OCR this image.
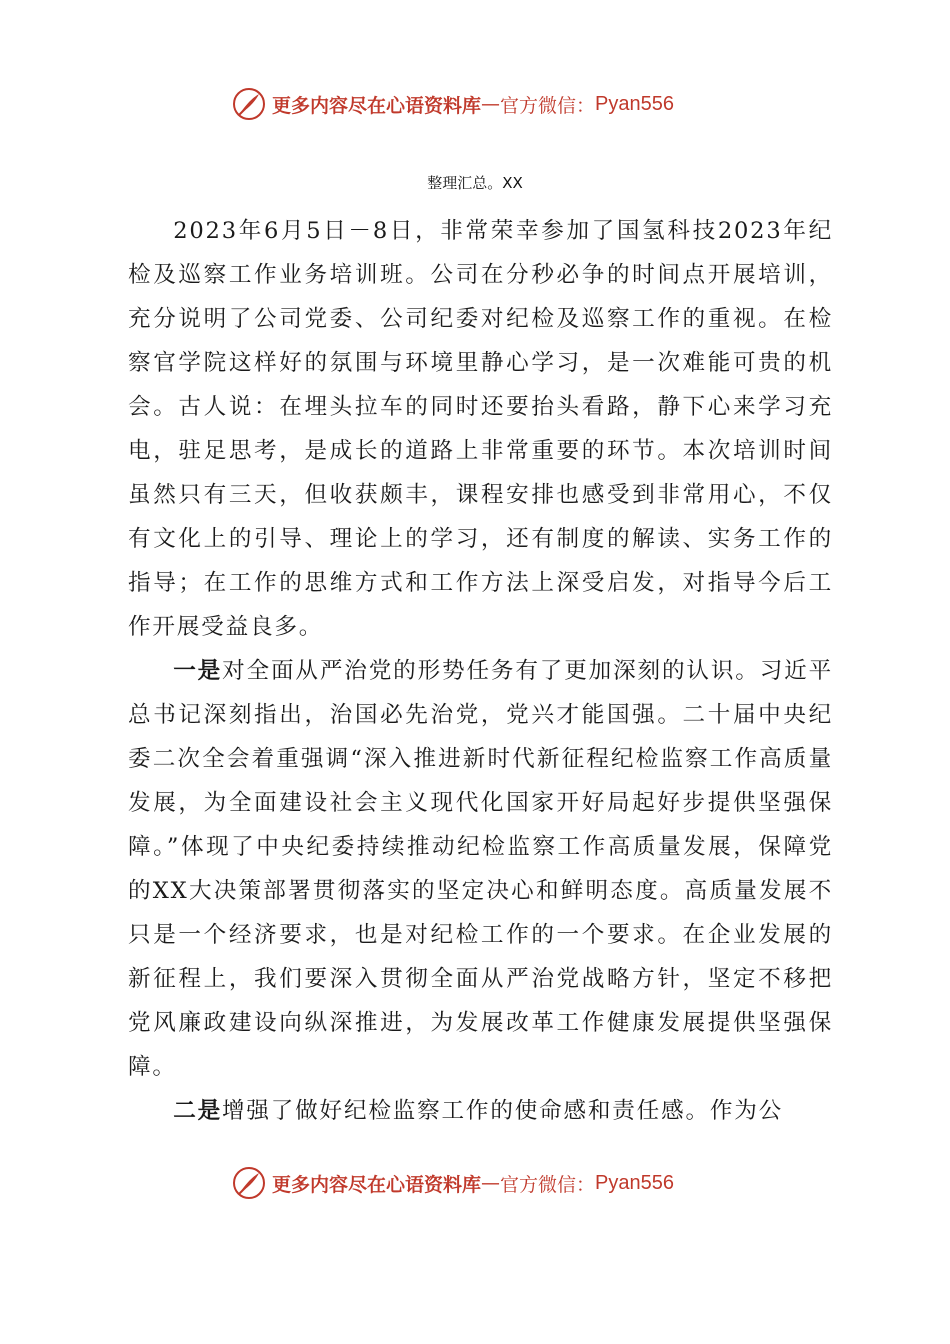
更多内容尽在心语资料库 — 官方微信： Pyan556
整理汇总。XX

2023年6月5日－8日，非常荣幸参加了国氢科技2023年纪检及巡察工作业务培训班。公司在分秒必争的时间点开展培训，充分说明了公司党委、公司纪委对纪检及巡察工作的重视。在检察官学院这样好的氛围与环境里静心学习，是一次难能可贵的机会。古人说：在埋头拉车的同时还要抬头看路，静下心来学习充电，驻足思考，是成长的道路上非常重要的环节。本次培训时间虽然只有三天，但收获颇丰，课程安排也感受到非常用心，不仅有文化上的引导、理论上的学习，还有制度的解读、实务工作的指导；在工作的思维方式和工作方法上深受启发，对指导今后工作开展受益良多。

一是对全面从严治党的形势任务有了更加深刻的认识。习近平总书记深刻指出，治国必先治党，党兴才能国强。二十届中央纪委二次全会着重强调“深入推进新时代新征程纪检监察工作高质量发展，为全面建设社会主义现代化国家开好局起好步提供坚强保障。”体现了中央纪委持续推动纪检监察工作高质量发展，保障党的XX大决策部署贯彻落实的坚定决心和鲜明态度。高质量发展不只是一个经济要求，也是对纪检工作的一个要求。在企业发展的新征程上，我们要深入贯彻全面从严治党战略方针，坚定不移把党风廉政建设向纵深推进，为发展改革工作健康发展提供坚强保障。

二是增强了做好纪检监察工作的使命感和责任感。作为公

更多内容尽在心语资料库 — 官方微信： Pyan556
